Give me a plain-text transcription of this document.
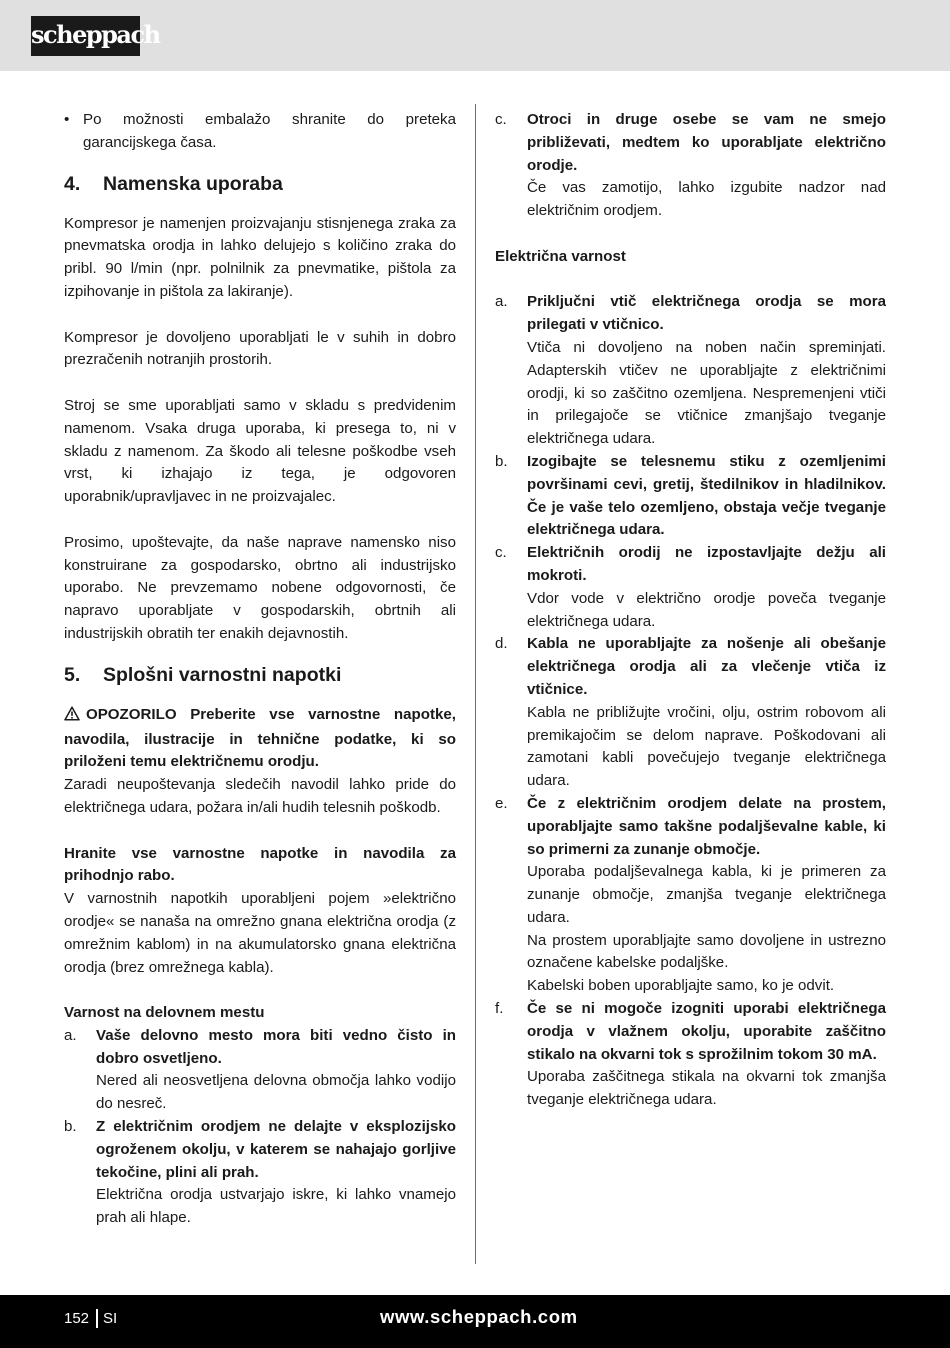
scheppach
• Po možnosti embalažo shranite do preteka garancijskega časa.

4. Namenska uporaba

Kompresor je namenjen proizvajanju stisnjenega zraka za pnevmatska orodja in lahko delujejo s količino zraka do pribl. 90 l/min (npr. polnilnik za pnevmatike, pištola za izpihovanje in pištola za lakiranje).

Kompresor je dovoljeno uporabljati le v suhih in dobro prezračenih notranjih prostorih.

Stroj se sme uporabljati samo v skladu s predvidenim namenom. Vsaka druga uporaba, ki presega to, ni v skladu z namenom. Za škodo ali telesne poškodbe vseh vrst, ki izhajajo iz tega, je odgovoren uporabnik/upravljavec in ne proizvajalec.

Prosimo, upoštevajte, da naše naprave namensko niso konstruirane za gospodarsko, obrtno ali industrijsko uporabo. Ne prevzemamo nobene odgovornosti, če napravo uporabljate v gospodarskih, obrtnih ali industrijskih obratih ter enakih dejavnostih.

5. Splošni varnostni napotki

OPOZORILO Preberite vse varnostne napotke, navodila, ilustracije in tehnične podatke, ki so priloženi temu električnemu orodju.

Zaradi neupoštevanja sledečih navodil lahko pride do električnega udara, požara in/ali hudih telesnih poškodb.

Hranite vse varnostne napotke in navodila za prihodnjo rabo.

V varnostnih napotkih uporabljeni pojem »električno orodje« se nanaša na omrežno gnana električna orodja (z omrežnim kablom) in na akumulatorsko gnana električna orodja (brez omrežnega kabla).

Varnost na delovnem mestu

a. Vaše delovno mesto mora biti vedno čisto in dobro osvetljeno.

Nered ali neosvetljena delovna območja lahko vodijo do nesreč.

b. Z električnim orodjem ne delajte v eksplozijsko ogroženem okolju, v katerem se nahajajo gorljive tekočine, plini ali prah.

Električna orodja ustvarjajo iskre, ki lahko vnamejo prah ali hlape.

c. Otroci in druge osebe se vam ne smejo približevati, medtem ko uporabljate električno orodje.

Če vas zamotijo, lahko izgubite nadzor nad električnim orodjem.

Električna varnost

a. Priključni vtič električnega orodja se mora prilegati v vtičnico.

Vtiča ni dovoljeno na noben način spreminjati. Adapterskih vtičev ne uporabljajte z električnimi orodji, ki so zaščitno ozemljena. Nespremenjeni vtiči in prilegajoče se vtičnice zmanjšajo tveganje električnega udara.

b. Izogibajte se telesnemu stiku z ozemljenimi površinami cevi, gretij, štedilnikov in hladilnikov. Če je vaše telo ozemljeno, obstaja večje tveganje električnega udara.

c. Električnih orodij ne izpostavljajte dežju ali mokroti.

Vdor vode v električno orodje poveča tveganje električnega udara.

d. Kabla ne uporabljajte za nošenje ali obešanje električnega orodja ali za vlečenje vtiča iz vtičnice.

Kabla ne približujte vročini, olju, ostrim robovom ali premikajočim se delom naprave. Poškodovani ali zamotani kabli povečujejo tveganje električnega udara.

e. Če z električnim orodjem delate na prostem, uporabljajte samo takšne podaljševalne kable, ki so primerni za zunanje območje.

Uporaba podaljševalnega kabla, ki je primeren za zunanje območje, zmanjša tveganje električnega udara.

Na prostem uporabljajte samo dovoljene in ustrezno označene kabelske podaljške.

Kabelski boben uporabljajte samo, ko je odvit.

f. Če se ni mogoče izogniti uporabi električnega orodja v vlažnem okolju, uporabite zaščitno stikalo na okvarni tok s sprožilnim tokom 30 mA.

Uporaba zaščitnega stikala na okvarni tok zmanjša tveganje električnega udara.

152 SI	www.scheppach.com
